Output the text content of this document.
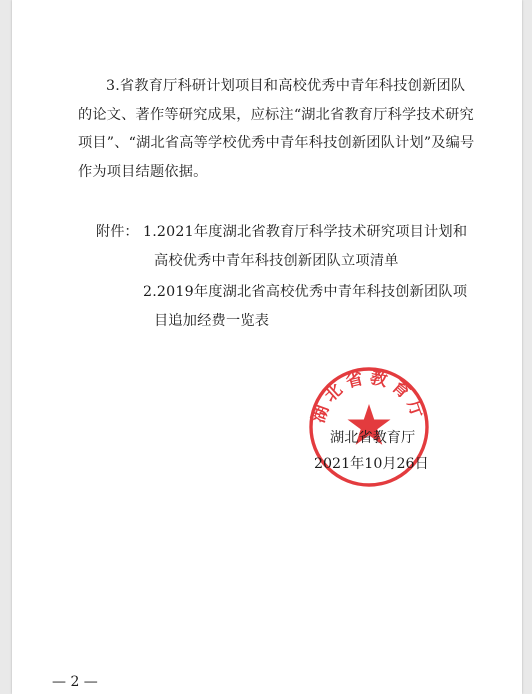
3.省教育厅科研计划项目和高校优秀中青年科技创新团队
的论文、著作等研究成果，应标注“湖北省教育厅科学技术研究
项目”、“湖北省高等学校优秀中青年科技创新团队计划”及编号
作为项目结题依据。
附件： 1.2021年度湖北省教育厅科学技术研究项目计划和
高校优秀中青年科技创新团队立项清单
2.2019年度湖北省高校优秀中青年科技创新团队项
目追加经费一览表
湖北省教育厅
湖北省教育厅
2021年10月26日
— 2 —
